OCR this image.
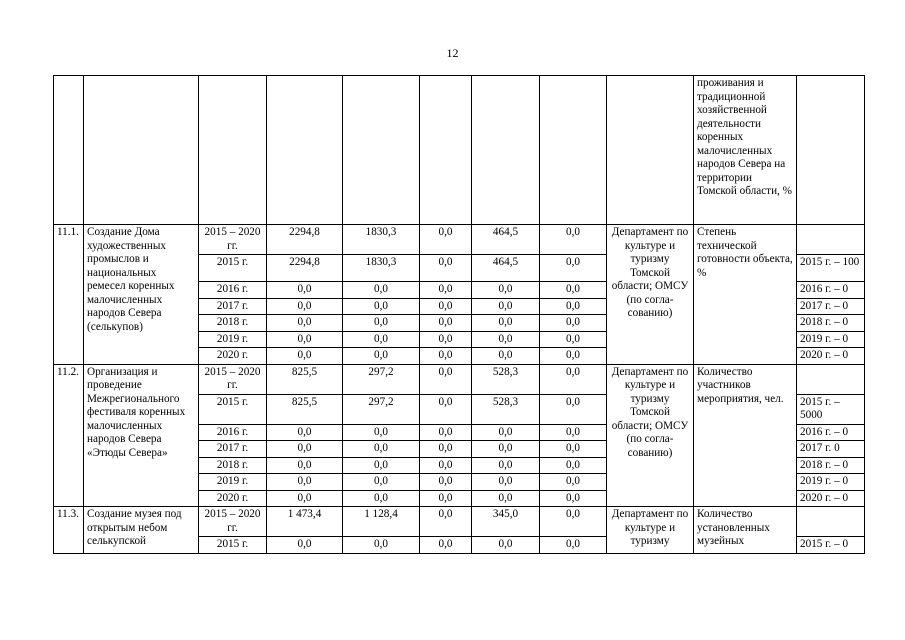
12
									проживания и традиционной хозяйственной деятельности коренных малочисленных народов Севера на территории Томской области, %	
11.1.	Создание Дома художественных промыслов и национальных ремесел коренных малочисленных народов Севера (селькупов)	2015 – 2020 гг.	2294,8	1830,3	0,0	464,5	0,0	Департамент по культуре и туризму Томской области; ОМСУ (по согла- сованию)	Степень технической готовности объекта, %	
		2015 г.	2294,8	1830,3	0,0	464,5	0,0			2015 г. – 100
		2016 г.	0,0	0,0	0,0	0,0	0,0			2016 г. – 0
		2017 г.	0,0	0,0	0,0	0,0	0,0			2017 г. – 0
		2018 г.	0,0	0,0	0,0	0,0	0,0			2018 г. – 0
		2019 г.	0,0	0,0	0,0	0,0	0,0			2019 г. – 0
		2020 г.	0,0	0,0	0,0	0,0	0,0			2020 г. – 0
11.2.	Организация и проведение Межрегионального фестиваля коренных малочисленных народов Севера «Этюды Севера»	2015 – 2020 гг.	825,5	297,2	0,0	528,3	0,0	Департамент по культуре и туризму Томской области; ОМСУ (по согла- сованию)	Количество участников мероприятия, чел.	
		2015 г.	825,5	297,2	0,0	528,3	0,0			2015 г. – 5000
		2016 г.	0,0	0,0	0,0	0,0	0,0			2016 г. – 0
		2017 г.	0,0	0,0	0,0	0,0	0,0			2017 г. 0
		2018 г.	0,0	0,0	0,0	0,0	0,0			2018 г. – 0
		2019 г.	0,0	0,0	0,0	0,0	0,0			2019 г. – 0
		2020 г.	0,0	0,0	0,0	0,0	0,0			2020 г. – 0
11.3.	Создание музея под открытым небом селькупской	2015 – 2020 гг.	1 473,4	1 128,4	0,0	345,0	0,0	Департамент по культуре и туризму	Количество установленных музейных	
		2015 г.	0,0	0,0	0,0	0,0	0,0			2015 г. – 0
